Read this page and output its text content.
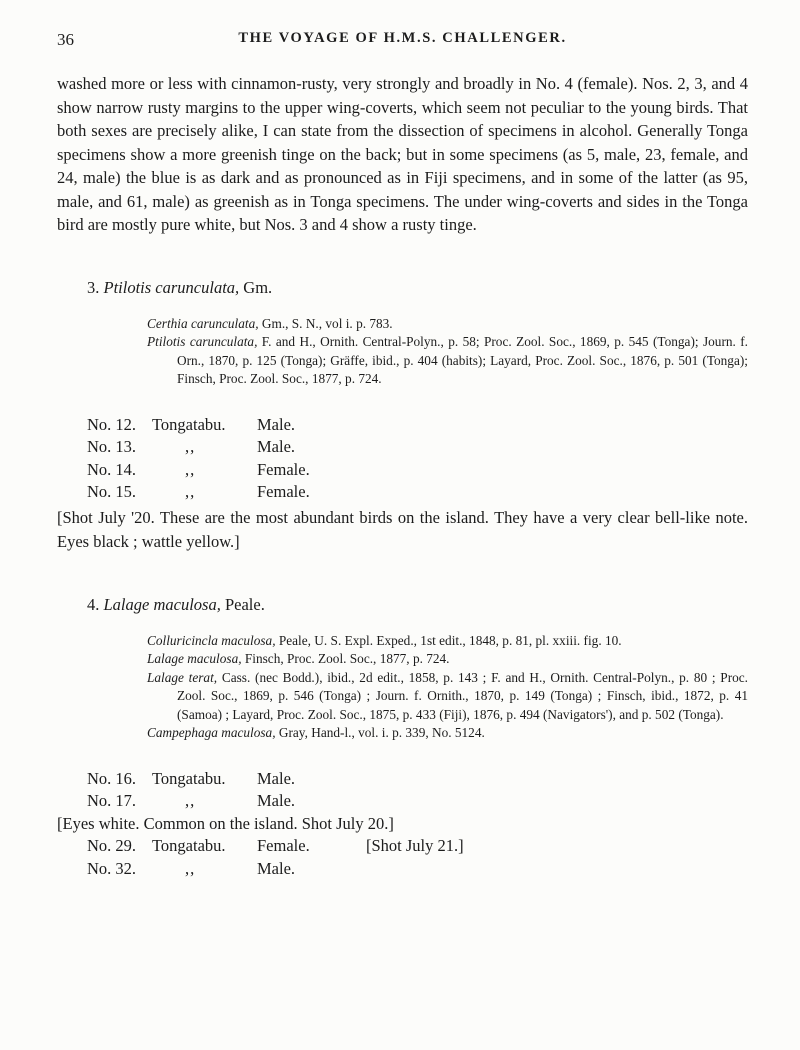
36	THE VOYAGE OF H.M.S. CHALLENGER.

washed more or less with cinnamon-rusty, very strongly and broadly in No. 4 (female). Nos. 2, 3, and 4 show narrow rusty margins to the upper wing-coverts, which seem not peculiar to the young birds. That both sexes are precisely alike, I can state from the dissection of specimens in alcohol. Generally Tonga specimens show a more greenish tinge on the back; but in some specimens (as 5, male, 23, female, and 24, male) the blue is as dark and as pronounced as in Fiji specimens, and in some of the latter (as 95, male, and 61, male) as greenish as in Tonga specimens. The under wing-coverts and sides in the Tonga bird are mostly pure white, but Nos. 3 and 4 show a rusty tinge.

3. Ptilotis carunculata, Gm.

Certhia carunculata, Gm., S. N., vol i. p. 783.

Ptilotis carunculata, F. and H., Ornith. Central-Polyn., p. 58; Proc. Zool. Soc., 1869, p. 545 (Tonga); Journ. f. Orn., 1870, p. 125 (Tonga); Gräffe, ibid., p. 404 (habits); Layard, Proc. Zool. Soc., 1876, p. 501 (Tonga); Finsch, Proc. Zool. Soc., 1877, p. 724.

No. 12. Tongatabu.	Male.
No. 13.	,,	Male.
No. 14.	,,	Female.
No. 15.	,,	Female.

[Shot July '20. These are the most abundant birds on the island. They have a very clear bell-like note. Eyes black ; wattle yellow.]

4. Lalage maculosa, Peale.

Colluricincla maculosa, Peale, U. S. Expl. Exped., 1st edit., 1848, p. 81, pl. xxiii. fig. 10.

Lalage maculosa, Finsch, Proc. Zool. Soc., 1877, p. 724.

Lalage terat, Cass. (nec Bodd.), ibid., 2d edit., 1858, p. 143 ; F. and H., Ornith. Central-Polyn., p. 80 ; Proc. Zool. Soc., 1869, p. 546 (Tonga) ; Journ. f. Ornith., 1870, p. 149 (Tonga) ; Finsch, ibid., 1872, p. 41 (Samoa) ; Layard, Proc. Zool. Soc., 1875, p. 433 (Fiji), 1876, p. 494 (Navigators'), and p. 502 (Tonga).

Campephaga maculosa, Gray, Hand-l., vol. i. p. 339, No. 5124.

No. 16. Tongatabu.	Male.
No. 17.	,,	Male.

[Eyes white. Common on the island. Shot July 20.]

No. 29. Tongatabu.	Female.	[Shot July 21.]
No. 32.	,,	Male.
